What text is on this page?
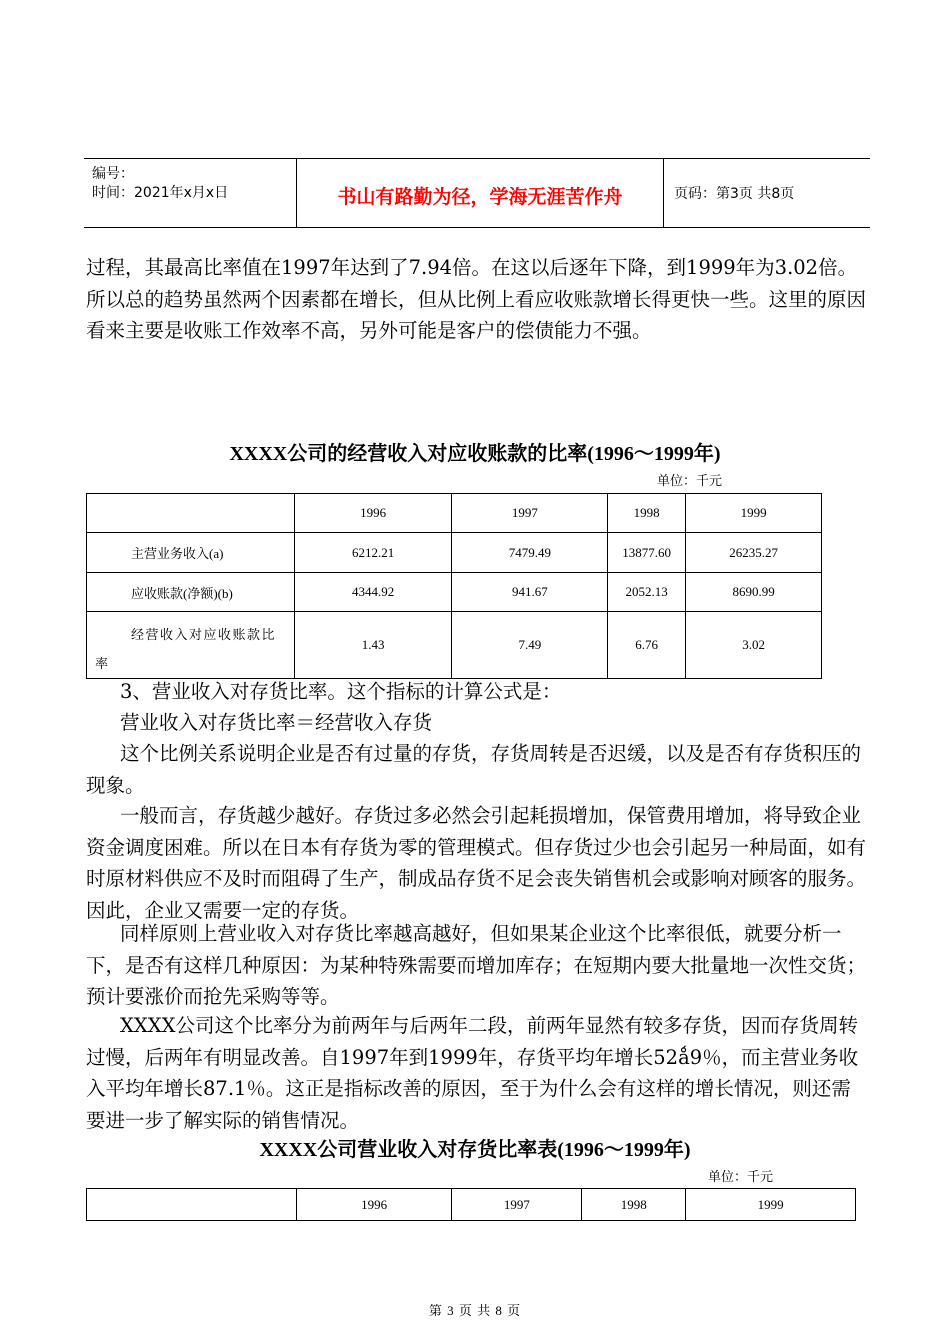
编号：
时间：2021年x月x日	书山有路勤为径，学海无涯苦作舟	页码：第3页 共8页

过程，其最高比率值在1997年达到了7.94倍。在这以后逐年下降，到1999年为3.02倍。所以总的趋势虽然两个因素都在增长，但从比例上看应收账款增长得更快一些。这里的原因看来主要是收账工作效率不高，另外可能是客户的偿债能力不强。

XXXX公司的经营收入对应收账款的比率(1996～1999年)
单位：千元
	1996	1997	1998	1999
主营业务收入(a)	6212.21	7479.49	13877.60	26235.27
应收账款(净额)(b)	4344.92	941.67	2052.13	8690.99

经营收入对应收账款比
率	1.43	7.49	6.76	3.02

3、营业收入对存货比率。这个指标的计算公式是：

营业收入对存货比率＝经营收入存货

这个比例关系说明企业是否有过量的存货，存货周转是否迟缓，以及是否有存货积压的现象。

一般而言，存货越少越好。存货过多必然会引起耗损增加，保管费用增加，将导致企业资金调度困难。所以在日本有存货为零的管理模式。但存货过少也会引起另一种局面，如有时原材料供应不及时而阻碍了生产，制成品存货不足会丧失销售机会或影响对顾客的服务。因此，企业又需要一定的存货。

同样原则上营业收入对存货比率越高越好，但如果某企业这个比率很低，就要分析一下，是否有这样几种原因：为某种特殊需要而增加库存；在短期内要大批量地一次性交货；预计要涨价而抢先采购等等。

XXXX公司这个比率分为前两年与后两年二段，前两年显然有较多存货，因而存货周转过慢，后两年有明显改善。自1997年到1999年，存货平均年增长52ǻ9％，而主营业务收入平均年增长87.1％。这正是指标改善的原因，至于为什么会有这样的增长情况，则还需要进一步了解实际的销售情况。

XXXX公司营业收入对存货比率表(1996～1999年)
单位：千元
	1996	1997	1998	1999
第 3 页 共 8 页
